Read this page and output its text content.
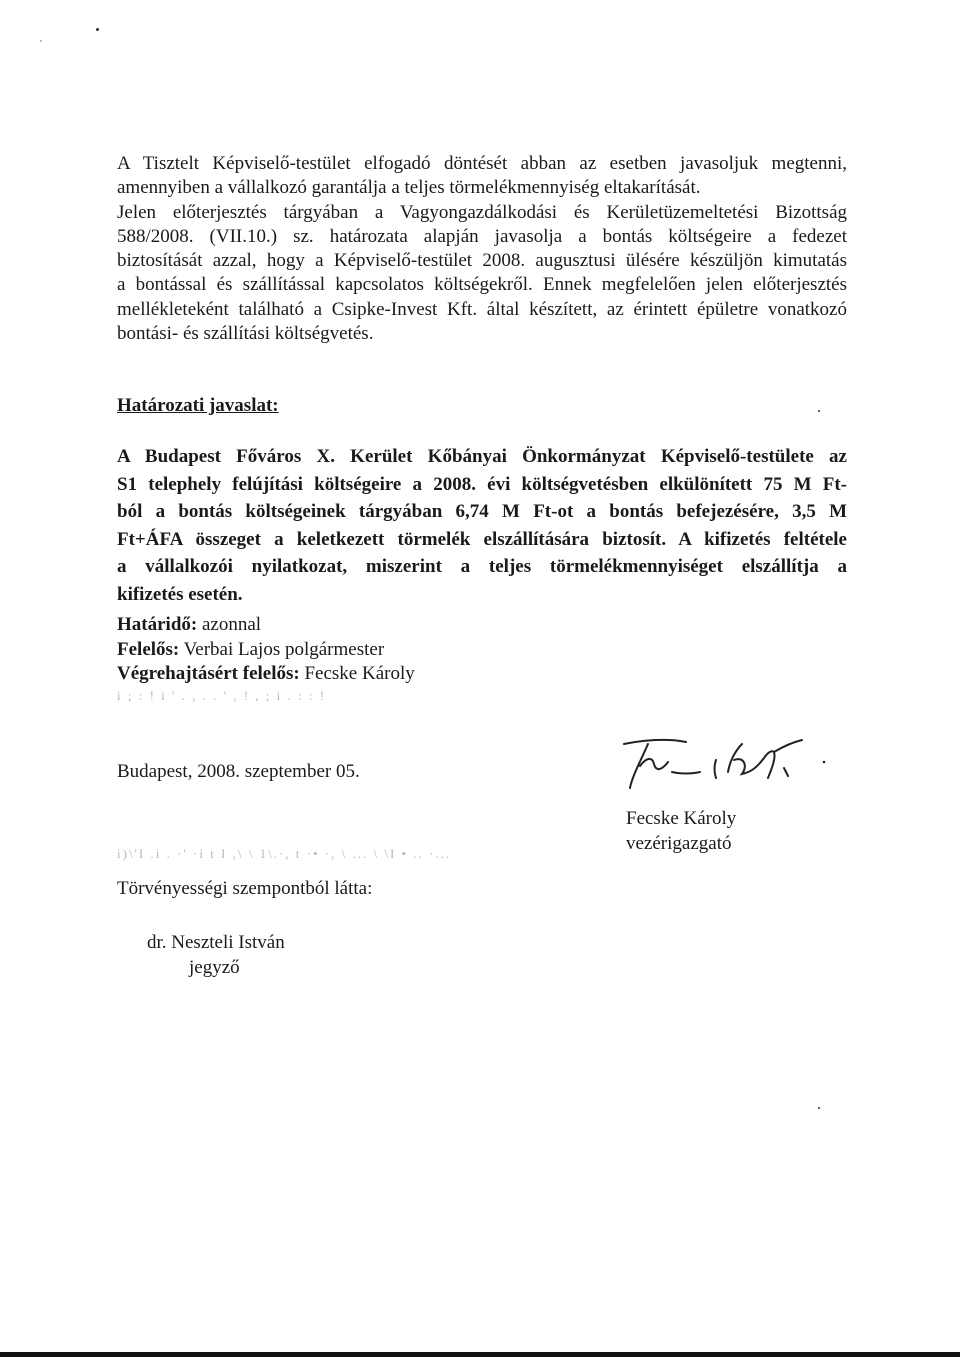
A Tisztelt Képviselő-testület elfogadó döntését abban az esetben javasoljuk megtenni,
amennyiben a vállalkozó garantálja a teljes törmelékmennyiség eltakarítását.
Jelen előterjesztés tárgyában a Vagyongazdálkodási és Kerületüzemeltetési Bizottság
588/2008. (VII.10.) sz. határozata alapján javasolja a bontás költségeire a fedezet
biztosítását azzal, hogy a Képviselő-testület 2008. augusztusi ülésére készüljön kimutatás
a bontással és szállítással kapcsolatos költségekről. Ennek megfelelően jelen előterjesztés
mellékleteként található a Csipke-Invest Kft. által készített, az érintett épületre vonatkozó
bontási- és szállítási költségvetés.

Határozati javaslat:

A Budapest Főváros X. Kerület Kőbányai Önkormányzat Képviselő-testülete az
S1 telephely felújítási költségeire a 2008. évi költségvetésben elkülönített 75 M Ft-
ból a bontás költségeinek tárgyában 6,74 M Ft-ot a bontás befejezésére, 3,5 M
Ft+ÁFA összeget a keletkezett törmelék elszállítására biztosít. A kifizetés feltétele
a vállalkozói nyilatkozat, miszerint a teljes törmelékmennyiséget elszállítja a
kifizetés esetén.

Határidő: azonnal
Felelős: Verbai Lajos polgármester
Végrehajtásért felelős: Fecske Károly

i ; : ! i ' . , . . ' , ! , ; i . : : !

Budapest, 2008. szeptember 05.

Fecske Károly
vezérigazgató

i)\'I .i . ·' ·i t I ,\ \ 1\.·, t ·• ·, \ ... \ \I • .. ·...

Törvényességi szempontból látta:

dr. Neszteli István
jegyző
